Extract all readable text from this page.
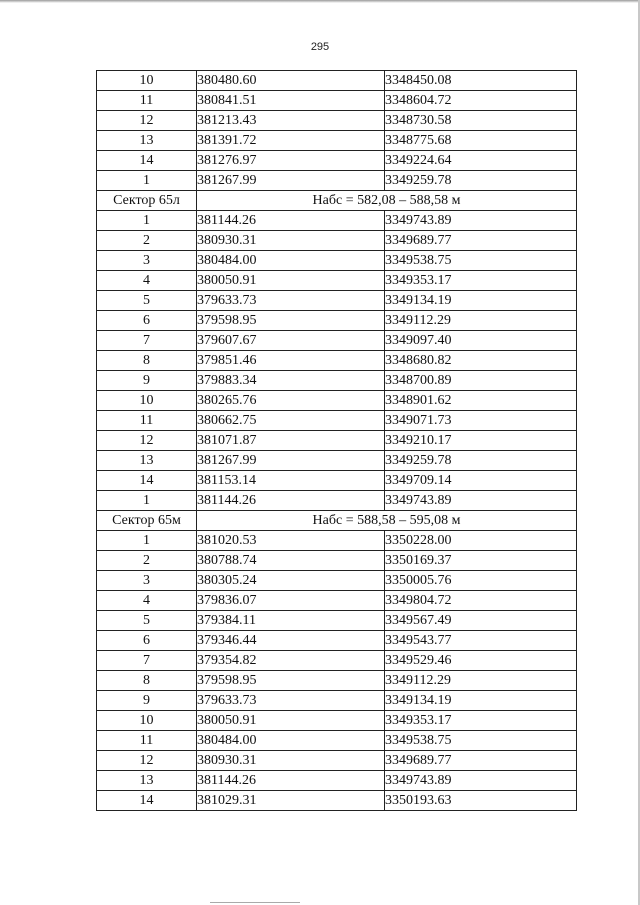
295
10	380480.60	3348450.08
11	380841.51	3348604.72
12	381213.43	3348730.58
13	381391.72	3348775.68
14	381276.97	3349224.64
1	381267.99	3349259.78
Сектор 65л	Набс = 582,08 – 588,58 м	
1	381144.26	3349743.89
2	380930.31	3349689.77
3	380484.00	3349538.75
4	380050.91	3349353.17
5	379633.73	3349134.19
6	379598.95	3349112.29
7	379607.67	3349097.40
8	379851.46	3348680.82
9	379883.34	3348700.89
10	380265.76	3348901.62
11	380662.75	3349071.73
12	381071.87	3349210.17
13	381267.99	3349259.78
14	381153.14	3349709.14
1	381144.26	3349743.89
Сектор 65м	Набс = 588,58 – 595,08 м	
1	381020.53	3350228.00
2	380788.74	3350169.37
3	380305.24	3350005.76
4	379836.07	3349804.72
5	379384.11	3349567.49
6	379346.44	3349543.77
7	379354.82	3349529.46
8	379598.95	3349112.29
9	379633.73	3349134.19
10	380050.91	3349353.17
11	380484.00	3349538.75
12	380930.31	3349689.77
13	381144.26	3349743.89
14	381029.31	3350193.63
